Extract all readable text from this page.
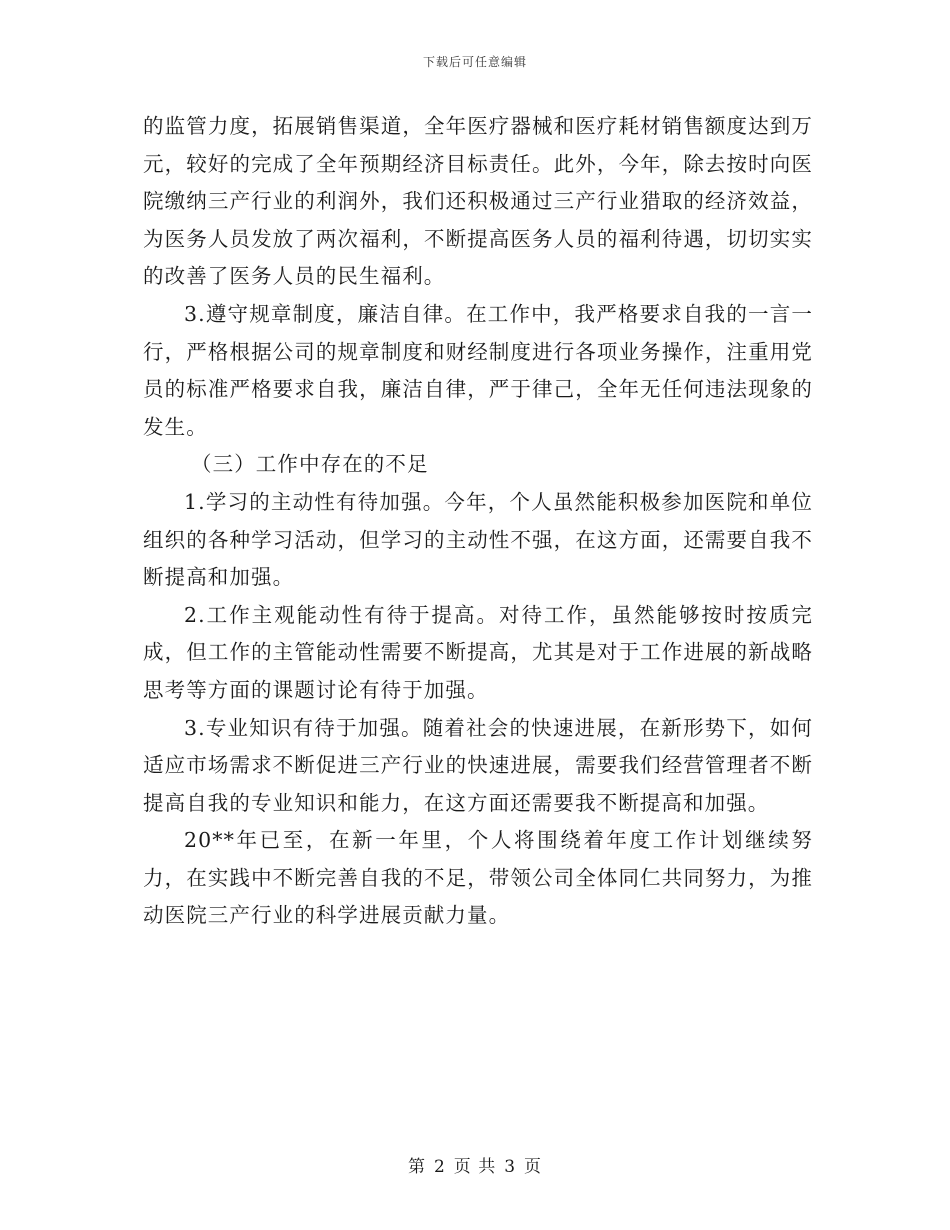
下载后可任意编辑

的监管力度，拓展销售渠道，全年医疗器械和医疗耗材销售额度达到万元，较好的完成了全年预期经济目标责任。此外，今年，除去按时向医院缴纳三产行业的利润外，我们还积极通过三产行业猎取的经济效益，为医务人员发放了两次福利，不断提高医务人员的福利待遇，切切实实的改善了医务人员的民生福利。

3.遵守规章制度，廉洁自律。在工作中，我严格要求自我的一言一行，严格根据公司的规章制度和财经制度进行各项业务操作，注重用党员的标准严格要求自我，廉洁自律，严于律己，全年无任何违法现象的发生。

（三）工作中存在的不足

1.学习的主动性有待加强。今年，个人虽然能积极参加医院和单位组织的各种学习活动，但学习的主动性不强，在这方面，还需要自我不断提高和加强。

2.工作主观能动性有待于提高。对待工作，虽然能够按时按质完成，但工作的主管能动性需要不断提高，尤其是对于工作进展的新战略思考等方面的课题讨论有待于加强。

3.专业知识有待于加强。随着社会的快速进展，在新形势下，如何适应市场需求不断促进三产行业的快速进展，需要我们经营管理者不断提高自我的专业知识和能力，在这方面还需要我不断提高和加强。

20**年已至，在新一年里，个人将围绕着年度工作计划继续努力，在实践中不断完善自我的不足，带领公司全体同仁共同努力，为推动医院三产行业的科学进展贡献力量。

第 2 页 共 3 页
